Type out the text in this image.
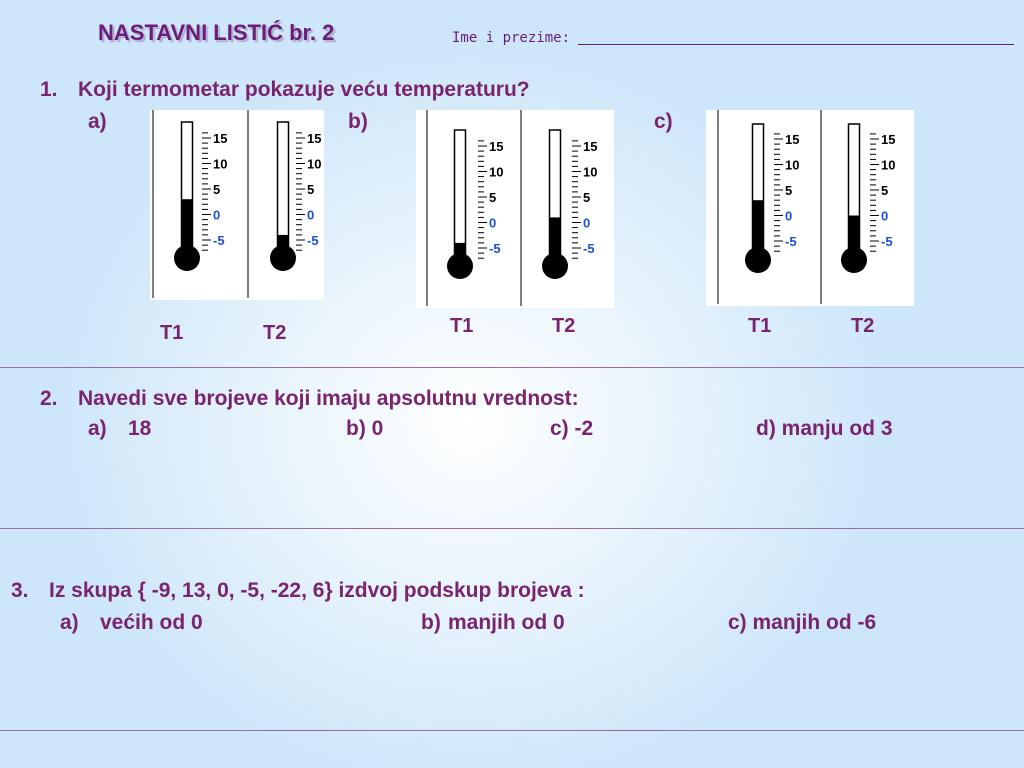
NASTAVNI LISTIĆ br. 2	Ime i prezime:
1. Koji termometar pokazuje veću temperaturu?
a)	b)	c)
15
10
5
0
-5
15
10
5
0
-5
15
10
5
0
-5
15
10
5
0
-5
15
10
5
0
-5
15
10
5
0
-5
T1	T2	T1	T2	T1	T2
2. Navedi sve brojeve koji imaju apsolutnu vrednost:
a) 18	b) 0	c) -2	d) manju od 3
3. Iz skupa { -9, 13, 0, -5, -22, 6} izdvoj podskup brojeva :
a) većih od 0	b) manjih od 0	c) manjih od -6
